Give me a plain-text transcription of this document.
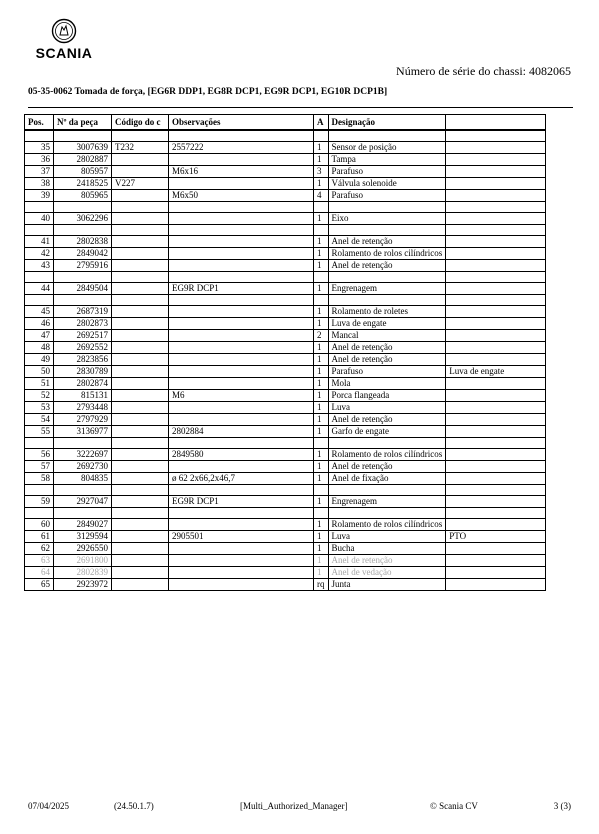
SCANIA
Número de série do chassi: 4082065
05-35-0062 Tomada de força, [EG6R DDP1, EG8R DCP1, EG9R DCP1, EG10R DCP1B]
Pos.	Nº da peça	Código do c	Observações	A	Designação	

35	3007639	T232	2557222	1	Sensor de posição	
36	2802887			1	Tampa	
37	805957		M6x16	3	Parafuso	
38	2418525	V227		1	Válvula solenoide	
39	805965		M6x50	4	Parafuso	

40	3062296			1	Eixo	

41	2802838			1	Anel de retenção	
42	2849042			1	Rolamento de rolos cilíndricos	
43	2795916			1	Anel de retenção	

44	2849504		EG9R DCP1	1	Engrenagem	

45	2687319			1	Rolamento de roletes	
46	2802873			1	Luva de engate	
47	2692517			2	Mancal	
48	2692552			1	Anel de retenção	
49	2823856			1	Anel de retenção	
50	2830789			1	Parafuso	Luva de engate
51	2802874			1	Mola	
52	815131		M6	1	Porca flangeada	
53	2793448			1	Luva	
54	2797929			1	Anel de retenção	
55	3136977		2802884	1	Garfo de engate	

56	3222697		2849580	1	Rolamento de rolos cilíndricos	
57	2692730			1	Anel de retenção	
58	804835		ø 62 2x66,2x46,7	1	Anel de fixação	

59	2927047		EG9R DCP1	1	Engrenagem	

60	2849027			1	Rolamento de rolos cilíndricos	
61	3129594		2905501	1	Luva	PTO
62	2926550			1	Bucha	
63	2691800			1	Anel de retenção	
64	2802839			1	Anel de vedação	
65	2923972			rq	Junta	
07/04/2025	(24.50.1.7)	[Multi_Authorized_Manager]	© Scania CV	3 (3)
